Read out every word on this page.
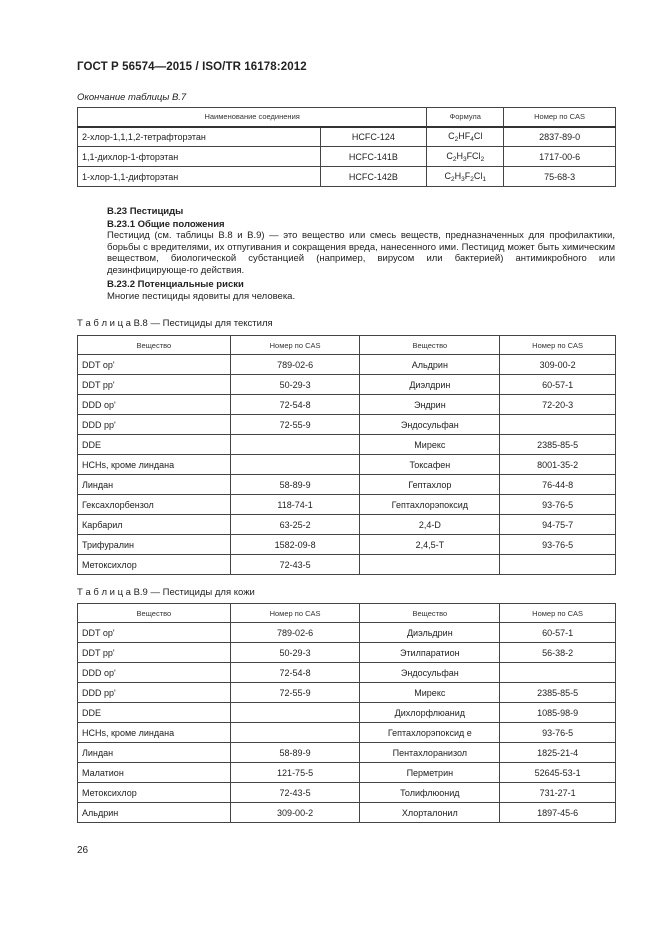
ГОСТ Р 56574—2015 / ISO/TR 16178:2012
Окончание таблицы B.7
Наименование соединения		Формула	Номер по CAS
2-хлор-1,1,1,2-тетрафторэтан	HCFC-124	$C_2HF_4Cl$	2837-89-0
1,1-дихлор-1-фторэтан	HCFC-141B	$C_2H_3FCl_2$	1717-00-6
1-хлор-1,1-дифторэтан	HCFC-142B	$C_2H_3F_2Cl_1$	75-68-3
В.23 Пестициды
В.23.1 Общие положения
Пестицид (см. таблицы В.8 и В.9) — это вещество или смесь веществ, предназначенных для профилактики, борьбы с вредителями, их отпугивания и сокращения вреда, нанесенного ими. Пестицид может быть химическим веществом, биологической субстанцией (например, вирусом или бактерией) антимикробного или дезинфицирующе-го действия.
В.23.2 Потенциальные риски
Многие пестициды ядовиты для человека.
Т а б л и ц а В.8 — Пестициды для текстиля
Вещество	Номер по CAS	Вещество	Номер по CAS
DDT op'	789-02-6	Альдрин	309-00-2
DDT pp'	50-29-3	Диэлдрин	60-57-1
DDD op'	72-54-8	Эндрин	72-20-3
DDD pp'	72-55-9	Эндосульфан	
DDE		Мирекс	2385-85-5
HCHs, кроме линдана		Токсафен	8001-35-2
Линдан	58-89-9	Гептахлор	76-44-8
Гексахлорбензол	118-74-1	Гептахлорэпоксид	93-76-5
Карбарил	63-25-2	2,4-D	94-75-7
Трифуралин	1582-09-8	2,4,5-Т	93-76-5
Метоксихлор	72-43-5		
Т а б л и ц а В.9 — Пестициды для кожи
Вещество	Номер по CAS	Вещество	Номер по CAS
DDT op'	789-02-6	Диэльдрин	60-57-1
DDT pp'	50-29-3	Этилпаратион	56-38-2
DDD op'	72-54-8	Эндосульфан	
DDD pp'	72-55-9	Мирекс	2385-85-5
DDE		Дихлорфлюанид	1085-98-9
HCHs, кроме линдана		Гептахлорэпоксид е	93-76-5
Линдан	58-89-9	Пентахлоранизол	1825-21-4
Малатион	121-75-5	Перметрин	52645-53-1
Метоксихлор	72-43-5	Толифлюонид	731-27-1
Альдрин	309-00-2	Хлорталонил	1897-45-6
26
